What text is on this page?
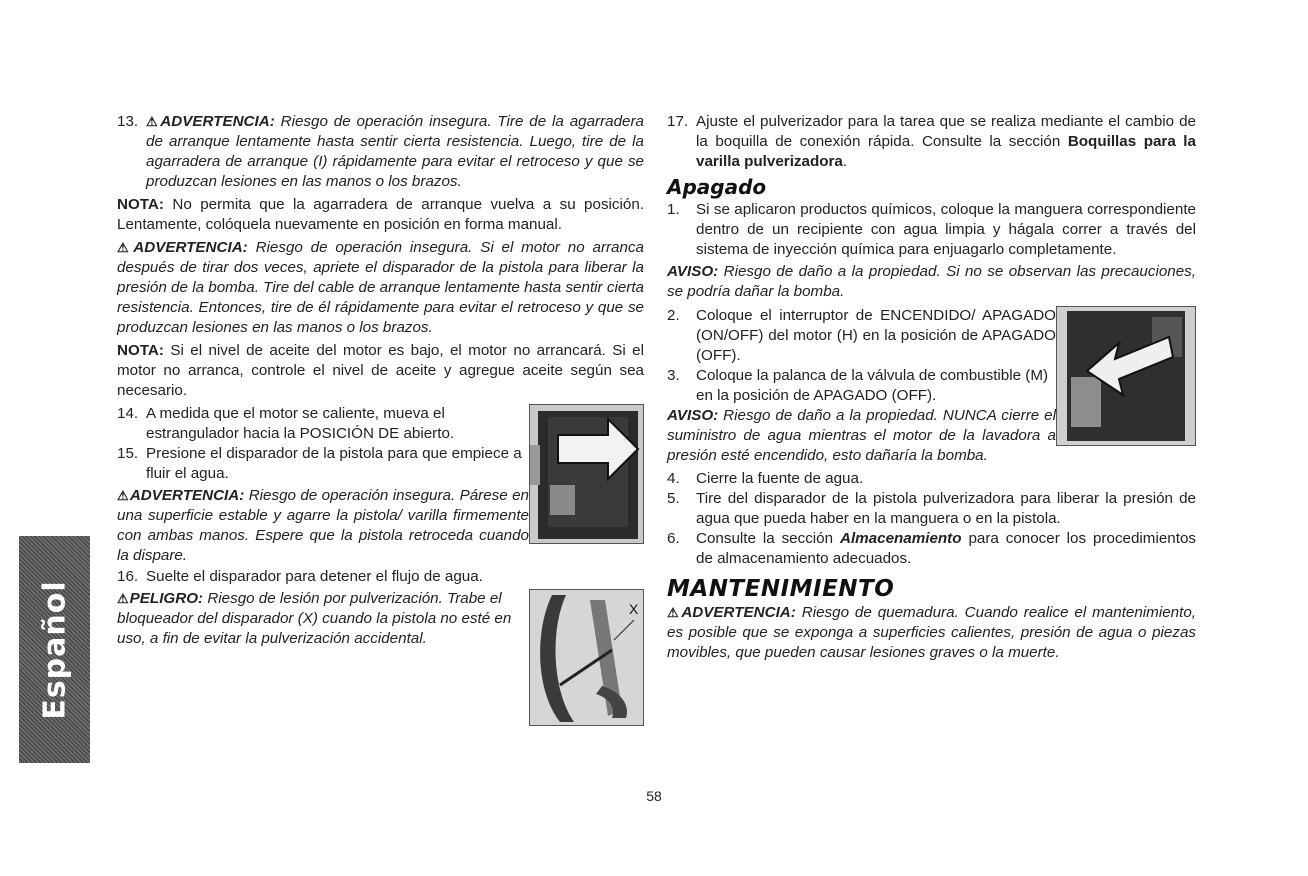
Español
13. ⚠ADVERTENCIA: Riesgo de operación insegura. Tire de la agarradera de arranque lentamente hasta sentir cierta resistencia. Luego, tire de la agarradera de arranque (I) rápidamente para evitar el retroceso y que se produzcan lesiones en las manos o los brazos.

NOTA: No permita que la agarradera de arranque vuelva a su posición. Lentamente, colóquela nuevamente en posición en forma manual.

⚠ADVERTENCIA: Riesgo de operación insegura. Si el motor no arranca después de tirar dos veces, apriete el disparador de la pistola para liberar la presión de la bomba. Tire del cable de arranque lentamente hasta sentir cierta resistencia. Entonces, tire de él rápidamente para evitar el retroceso y que se produzcan lesiones en las manos o los brazos.

NOTA: Si el nivel de aceite del motor es bajo, el motor no arrancará. Si el motor no arranca, controle el nivel de aceite y agregue aceite según sea necesario.

14. A medida que el motor se caliente, mueva el estrangulador hacia la POSICIÓN DE abierto.
15. Presione el disparador de la pistola para que empiece a fluir el agua.

⚠ADVERTENCIA: Riesgo de operación insegura. Párese en una superficie estable y agarre la pistola/ varilla firmemente con ambas manos. Espere que la pistola retroceda cuando la dispare.

16. Suelte el disparador para detener el flujo de agua.
X

⚠PELIGRO: Riesgo de lesión por pulverización. Trabe el bloqueador del disparador (X) cuando la pistola no esté en uso, a fin de evitar la pulverización accidental.

17. Ajuste el pulverizador para la tarea que se realiza mediante el cambio de la boquilla de conexión rápida. Consulte la sección Boquillas para la varilla pulverizadora.
Apagado
1. Si se aplicaron productos químicos, coloque la manguera correspondiente dentro de un recipiente con agua limpia y hágala correr a través del sistema de inyección química para enjuagarlo completamente.

AVISO: Riesgo de daño a la propiedad. Si no se observan las precauciones, se podría dañar la bomba.

2. Coloque el interruptor de ENCENDIDO/ APAGADO (ON/OFF) del motor (H) en la posición de APAGADO (OFF).
3. Coloque la palanca de la válvula de combustible (M) en la posición de APAGADO (OFF).

AVISO: Riesgo de daño a la propiedad. NUNCA cierre el suministro de agua mientras el motor de la lavadora a presión esté encendido, esto dañaría la bomba.

4. Cierre la fuente de agua.
5. Tire del disparador de la pistola pulverizadora para liberar la presión de agua que pueda haber en la manguera o en la pistola.
6. Consulte la sección Almacenamiento para conocer los procedimientos de almacenamiento adecuados.
MANTENIMIENTO

⚠ADVERTENCIA: Riesgo de quemadura. Cuando realice el mantenimiento, es posible que se exponga a superficies calientes, presión de agua o piezas movibles, que pueden causar lesiones graves o la muerte.

58
